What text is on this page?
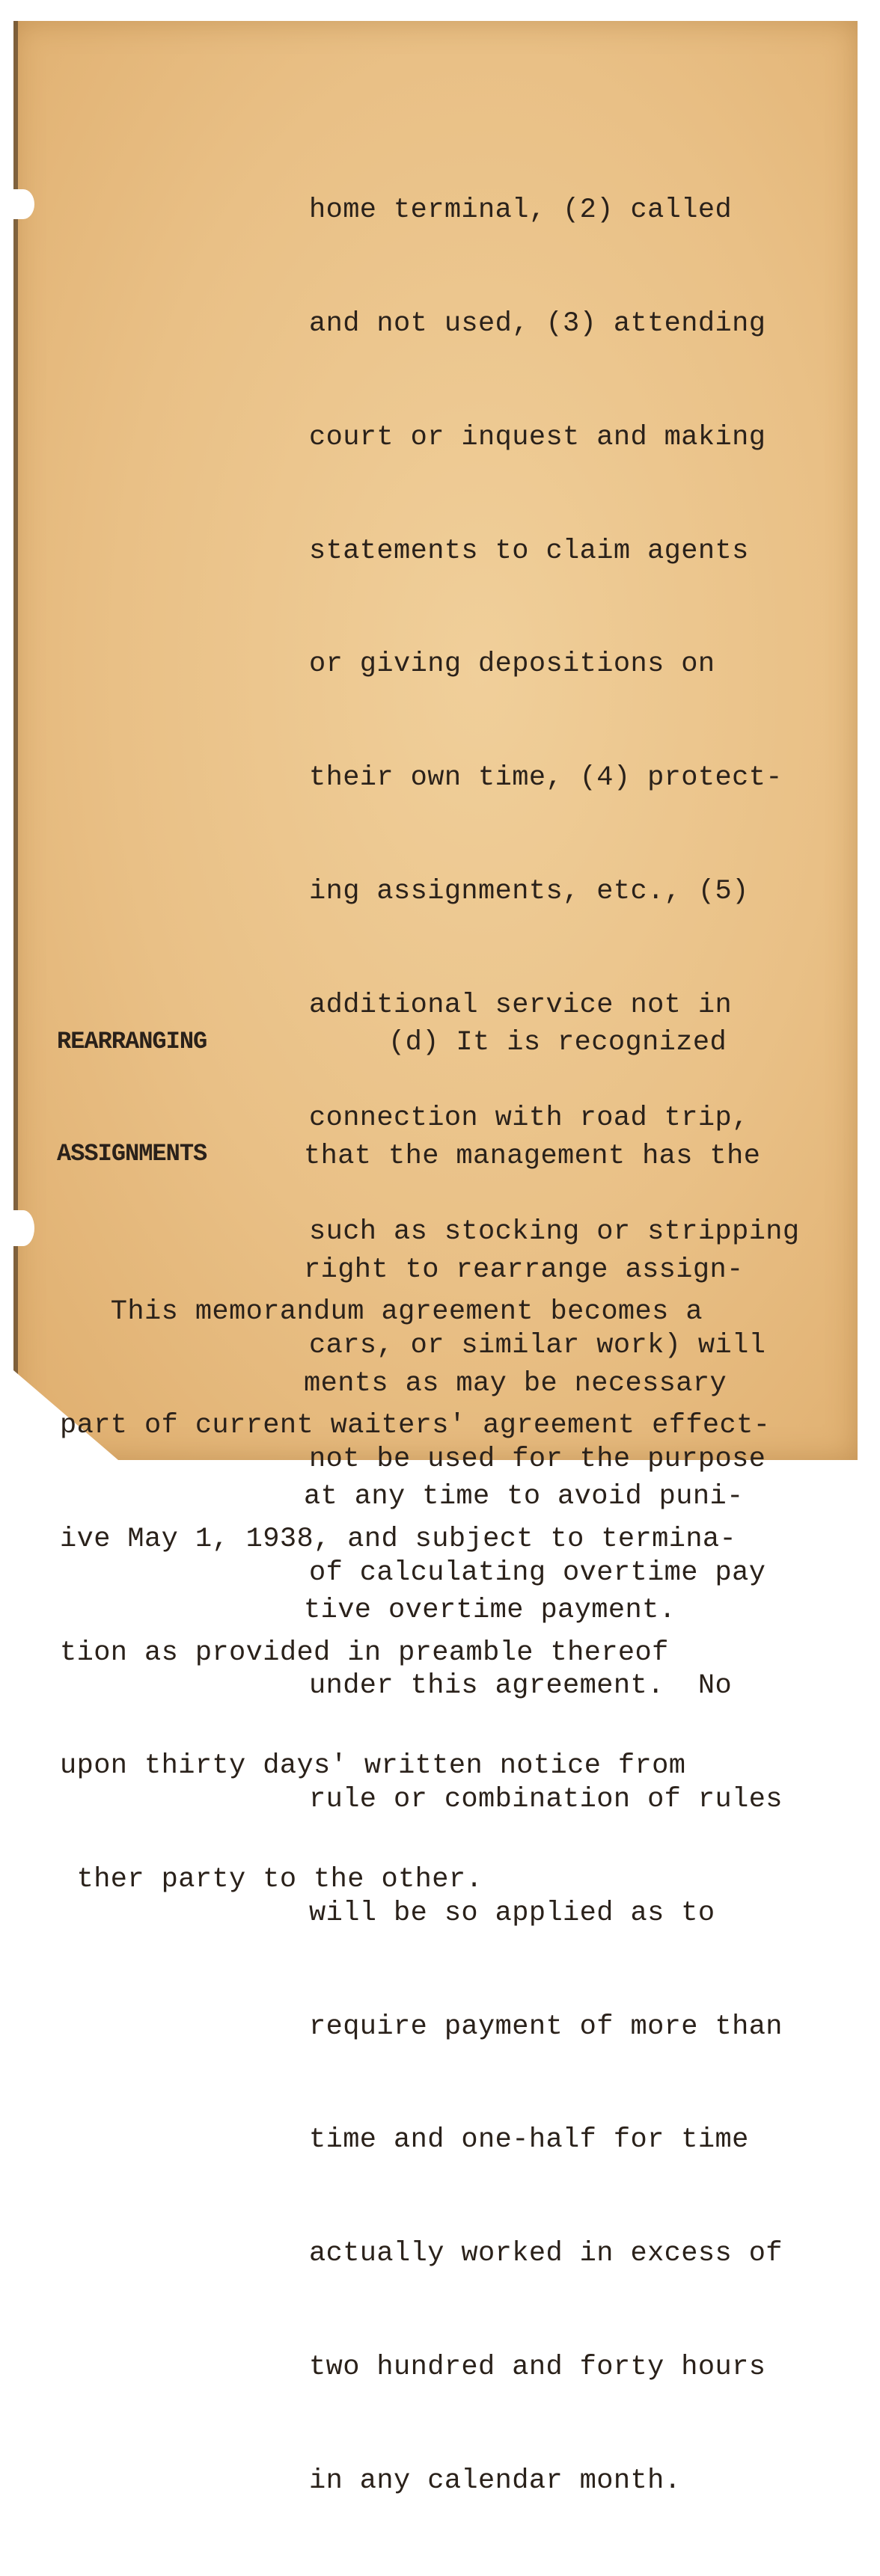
home terminal, (2) called

and not used, (3) attending

court or inquest and making

statements to claim agents

or giving depositions on

their own time, (4) protect-

ing assignments, etc., (5)

additional service not in

connection with road trip,

such as stocking or stripping

cars, or similar work) will

not be used for the purpose

of calculating overtime pay

under this agreement.  No

rule or combination of rules

will be so applied as to

require payment of more than

time and one-half for time

actually worked in excess of

two hundred and forty hours

in any calendar month.

REARRANGING

ASSIGNMENTS

(d) It is recognized

that the management has the

right to rearrange assign-

ments as may be necessary

at any time to avoid puni-

tive overtime payment.

This memorandum agreement becomes a

part of current waiters' agreement effect-

ive May 1, 1938, and subject to termina-

tion as provided in preamble thereof

upon thirty days' written notice from

ther party to the other.
